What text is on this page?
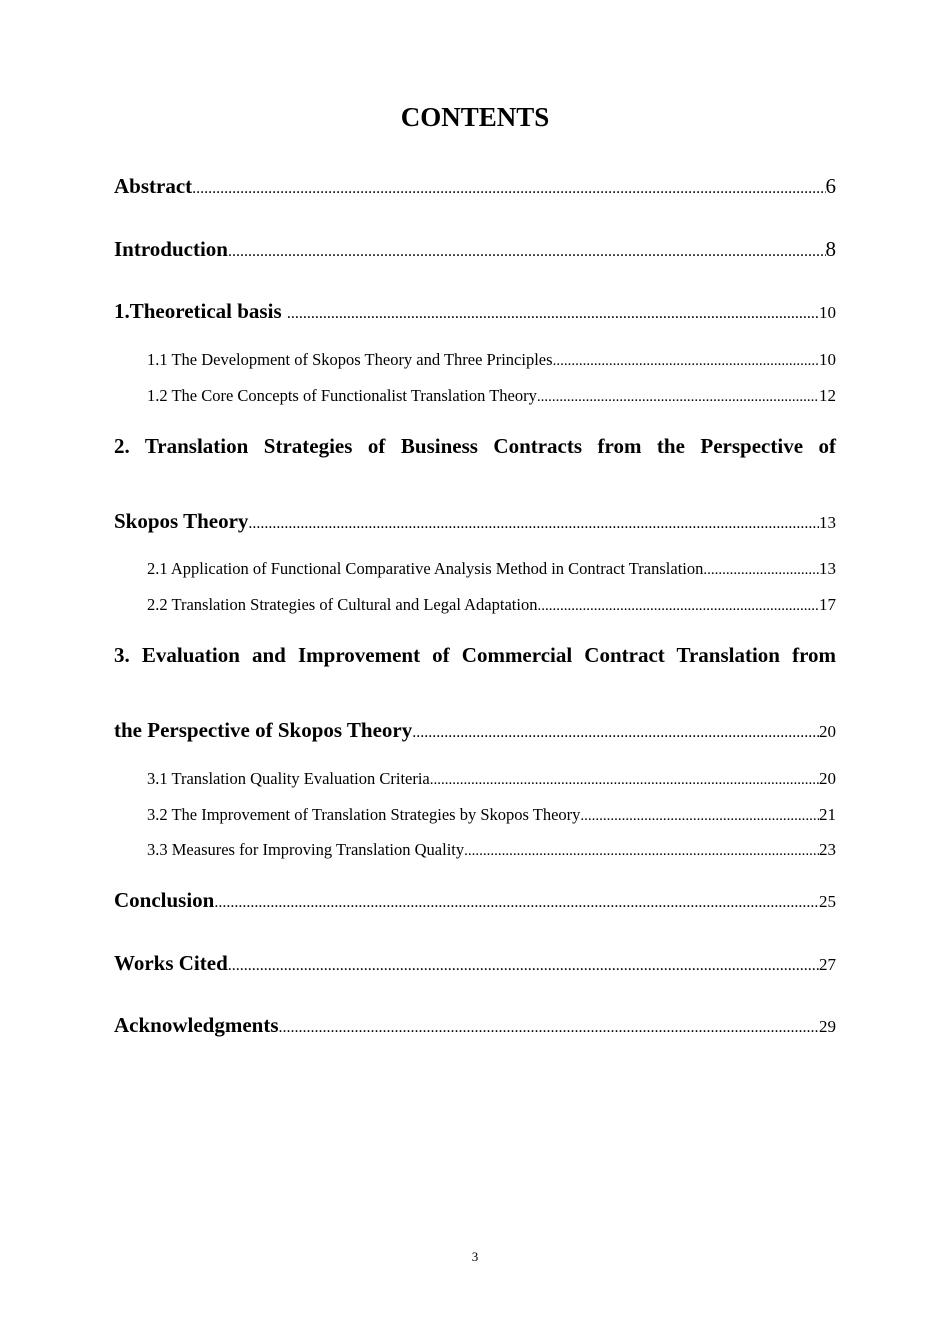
CONTENTS
Abstract .....	6
Introduction .....	8
1.Theoretical basis .....	10
1.1 The Development of Skopos Theory and Three Principles .....	10
1.2 The Core Concepts of Functionalist Translation Theory .....	12
2. Translation Strategies of Business Contracts from the Perspective of
Skopos Theory .....	13
2.1 Application of Functional Comparative Analysis Method in Contract Translation .....	13
2.2 Translation Strategies of Cultural and Legal Adaptation .....	17
3. Evaluation and Improvement of Commercial Contract Translation from
the Perspective of Skopos Theory .....	20
3.1 Translation Quality Evaluation Criteria .....	20
3.2 The Improvement of Translation Strategies by Skopos Theory .....	21
3.3 Measures for Improving Translation Quality .....	23
Conclusion .....	25
Works Cited .....	27
Acknowledgments .....	29
3
